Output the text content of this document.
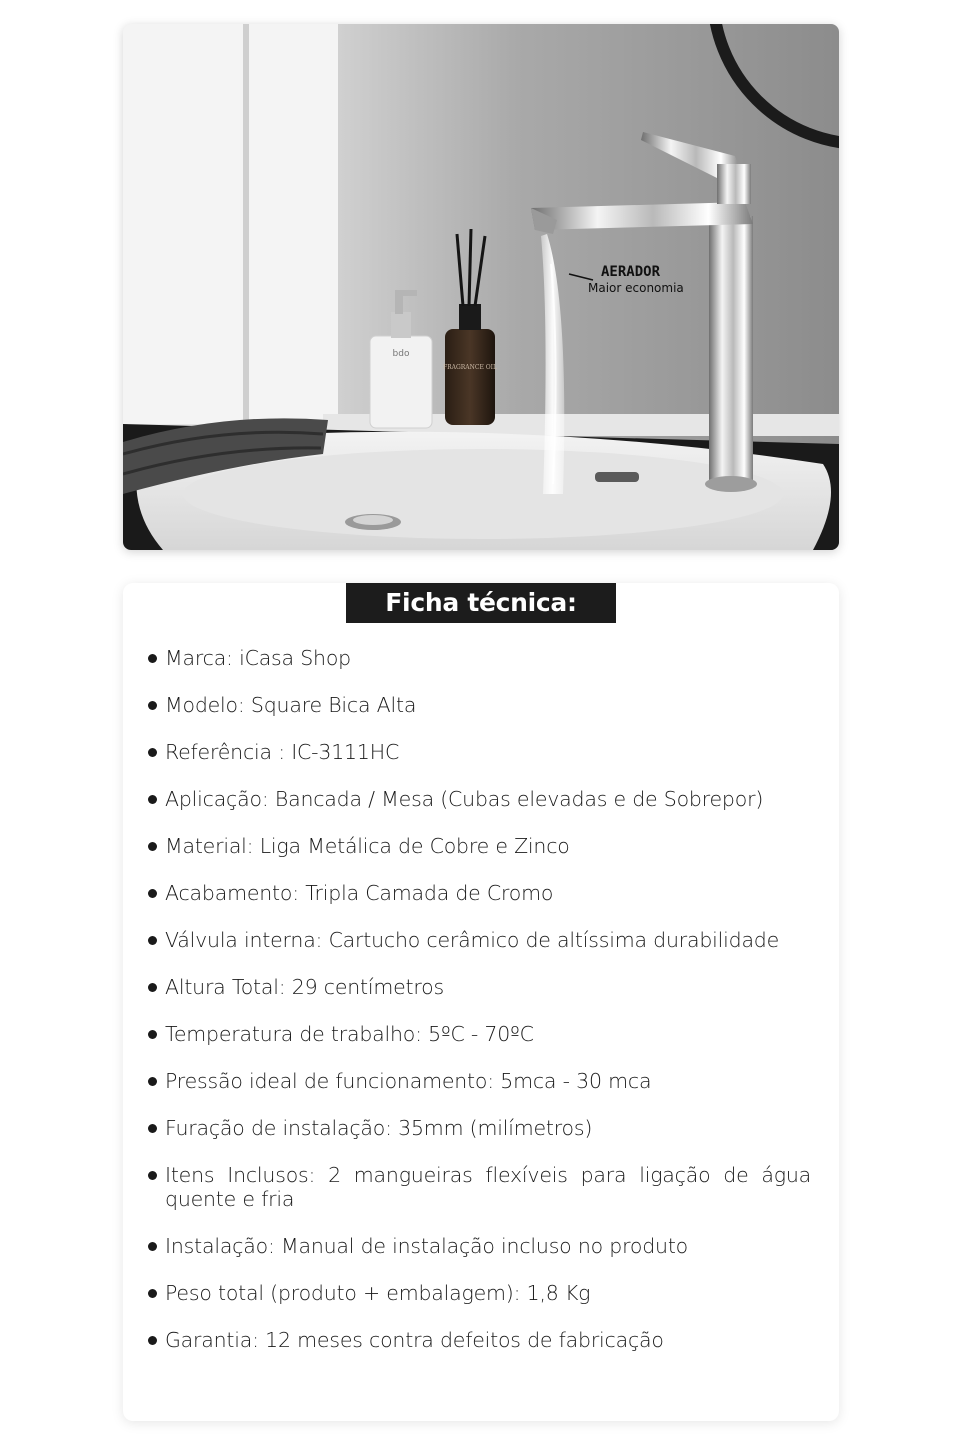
bdo
FRAGRANCE OIL
AERADOR
Maior economia
Ficha técnica:
Marca: iCasa Shop
Modelo: Square Bica Alta
Referência : IC-3111HC
Aplicação: Bancada / Mesa (Cubas elevadas e de Sobrepor)
Material: Liga Metálica de Cobre e Zinco
Acabamento: Tripla Camada de Cromo
Válvula interna: Cartucho cerâmico de altíssima durabilidade
Altura Total: 29 centímetros
Temperatura de trabalho: 5ºC - 70ºC
Pressão ideal de funcionamento: 5mca - 30 mca
Furação de instalação: 35mm (milímetros)
Itens Inclusos: 2 mangueiras flexíveis para ligação de água quente e fria
Instalação: Manual de instalação incluso no produto
Peso total (produto + embalagem): 1,8 Kg
Garantia: 12 meses contra defeitos de fabricação
